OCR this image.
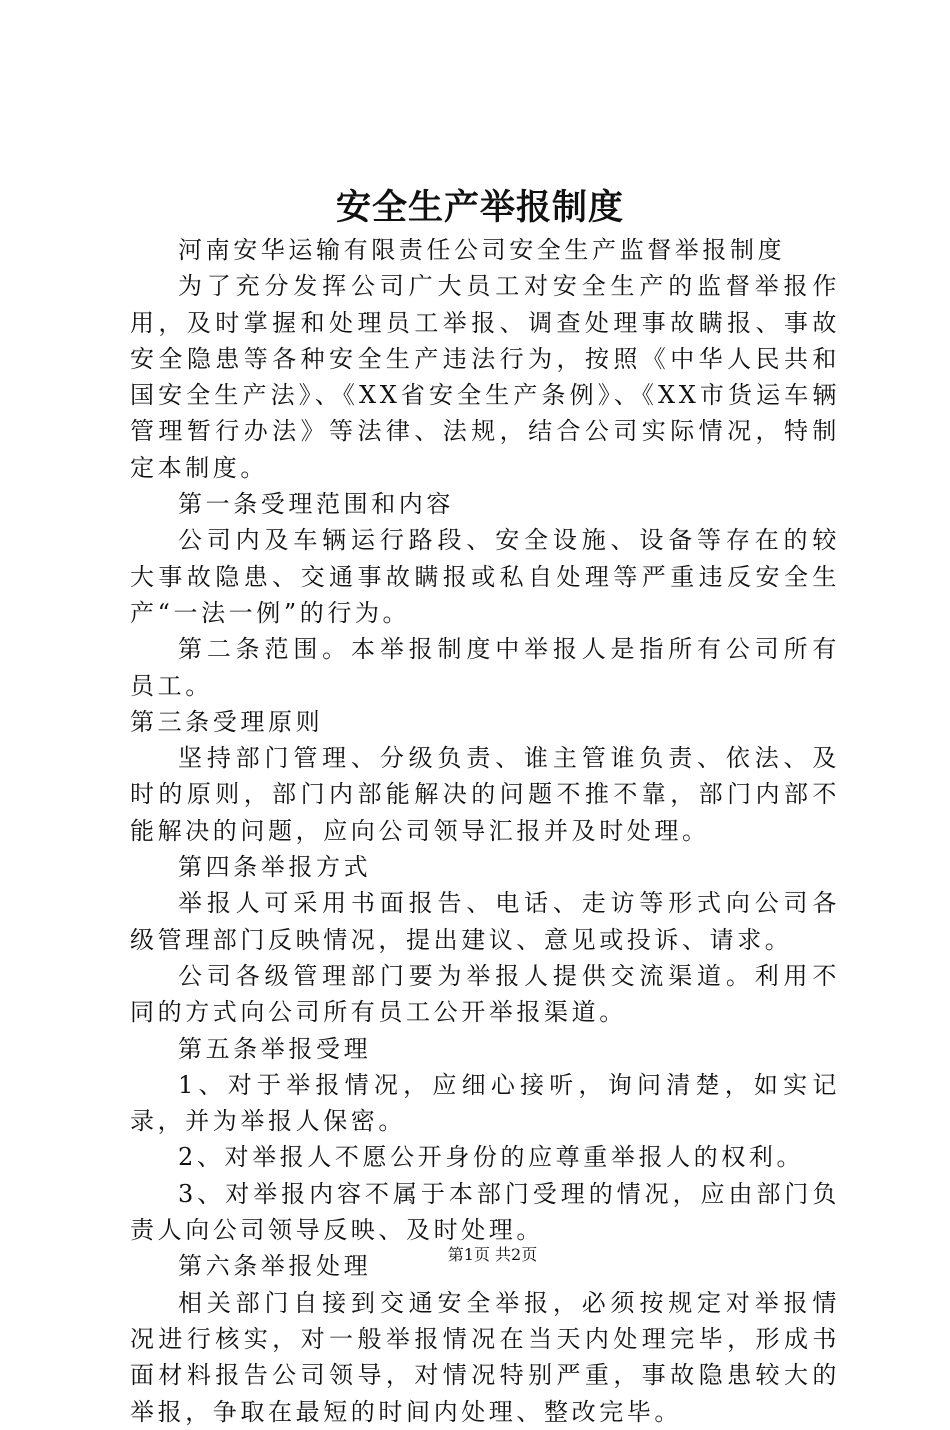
安全生产举报制度

河南安华运输有限责任公司安全生产监督举报制度

为了充分发挥公司广大员工对安全生产的监督举报作用，及时掌握和处理员工举报、调查处理事故瞒报、事故安全隐患等各种安全生产违法行为，按照《中华人民共和国安全生产法》、《XX省安全生产条例》、《XX市货运车辆管理暂行办法》等法律、法规，结合公司实际情况，特制定本制度。

第一条受理范围和内容

公司内及车辆运行路段、安全设施、设备等存在的较大事故隐患、交通事故瞒报或私自处理等严重违反安全生产“一法一例”的行为。

第二条范围。本举报制度中举报人是指所有公司所有员工。

第三条受理原则

坚持部门管理、分级负责、谁主管谁负责、依法、及时的原则，部门内部能解决的问题不推不靠，部门内部不能解决的问题，应向公司领导汇报并及时处理。

第四条举报方式

举报人可采用书面报告、电话、走访等形式向公司各级管理部门反映情况，提出建议、意见或投诉、请求。

公司各级管理部门要为举报人提供交流渠道。利用不同的方式向公司所有员工公开举报渠道。

第五条举报受理

1、对于举报情况，应细心接听，询问清楚，如实记录，并为举报人保密。

2、对举报人不愿公开身份的应尊重举报人的权利。

3、对举报内容不属于本部门受理的情况，应由部门负责人向公司领导反映、及时处理。

第六条举报处理

相关部门自接到交通安全举报，必须按规定对举报情况进行核实，对一般举报情况在当天内处理完毕，形成书面材料报告公司领导，对情况特别严重，事故隐患较大的举报，争取在最短的时间内处理、整改完毕。

第1页 共2页
